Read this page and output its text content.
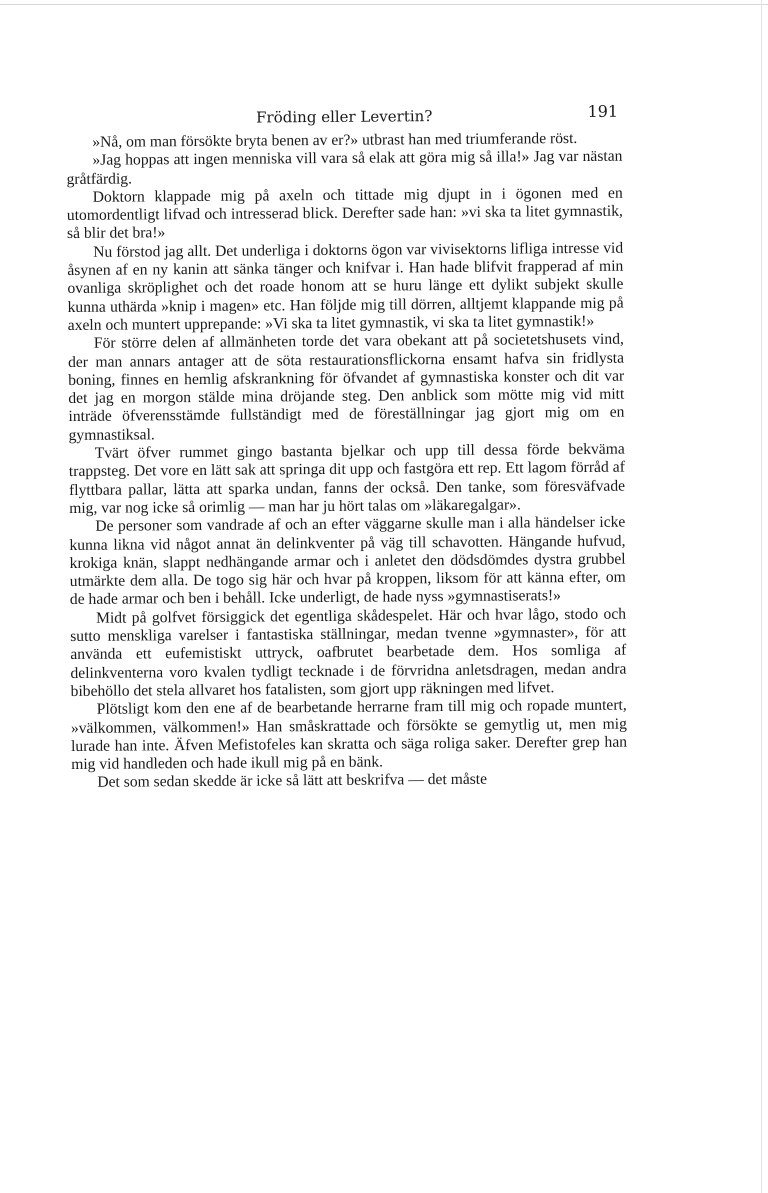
Fröding eller Levertin?	191

»Nå, om man försökte bryta benen av er?» utbrast han med triumferande röst.

»Jag hoppas att ingen menniska vill vara så elak att göra mig så illa!» Jag var nästan gråtfärdig.

Doktorn klappade mig på axeln och tittade mig djupt in i ögonen med en utomordentligt lifvad och intresserad blick. Derefter sade han: »vi ska ta litet gymnastik, så blir det bra!»

Nu förstod jag allt. Det underliga i doktorns ögon var vivisektorns lifliga intresse vid åsynen af en ny kanin att sänka tänger och knifvar i. Han hade blifvit frapperad af min ovanliga skröplighet och det roade honom att se huru länge ett dylikt subjekt skulle kunna uthärda »knip i magen» etc. Han följde mig till dörren, alltjemt klappande mig på axeln och muntert upprepande: »Vi ska ta litet gymnastik, vi ska ta litet gymnastik!»

För större delen af allmänheten torde det vara obekant att på societetshusets vind, der man annars antager att de söta restaurationsflickorna ensamt hafva sin fridlysta boning, finnes en hemlig afskrankning för öfvandet af gymnastiska konster och dit var det jag en morgon stälde mina dröjande steg. Den anblick som mötte mig vid mitt inträde öfverensstämde fullständigt med de föreställningar jag gjort mig om en gymnastiksal.

Tvärt öfver rummet gingo bastanta bjelkar och upp till dessa förde bekväma trappsteg. Det vore en lätt sak att springa dit upp och fastgöra ett rep. Ett lagom förråd af flyttbara pallar, lätta att sparka undan, fanns der också. Den tanke, som föresväfvade mig, var nog icke så orimlig — man har ju hört talas om »läkaregalgar».

De personer som vandrade af och an efter väggarne skulle man i alla händelser icke kunna likna vid något annat än delinkventer på väg till schavotten. Hängande hufvud, krokiga knän, slappt nedhängande armar och i anletet den dödsdömdes dystra grubbel utmärkte dem alla. De togo sig här och hvar på kroppen, liksom för att känna efter, om de hade armar och ben i behåll. Icke underligt, de hade nyss »gymnastiserats!»

Midt på golfvet försiggick det egentliga skådespelet. Här och hvar lågo, stodo och sutto menskliga varelser i fantastiska ställningar, medan tvenne »gymnaster», för att använda ett eufemistiskt uttryck, oafbrutet bearbetade dem. Hos somliga af delinkventerna voro kvalen tydligt tecknade i de förvridna anletsdragen, medan andra bibehöllo det stela allvaret hos fatalisten, som gjort upp räkningen med lifvet.

Plötsligt kom den ene af de bearbetande herrarne fram till mig och ropade muntert, »välkommen, välkommen!» Han småskrattade och försökte se gemytlig ut, men mig lurade han inte. Äfven Mefistofeles kan skratta och säga roliga saker. Derefter grep han mig vid handleden och hade ikull mig på en bänk.

Det som sedan skedde är icke så lätt att beskrifva — det måste
